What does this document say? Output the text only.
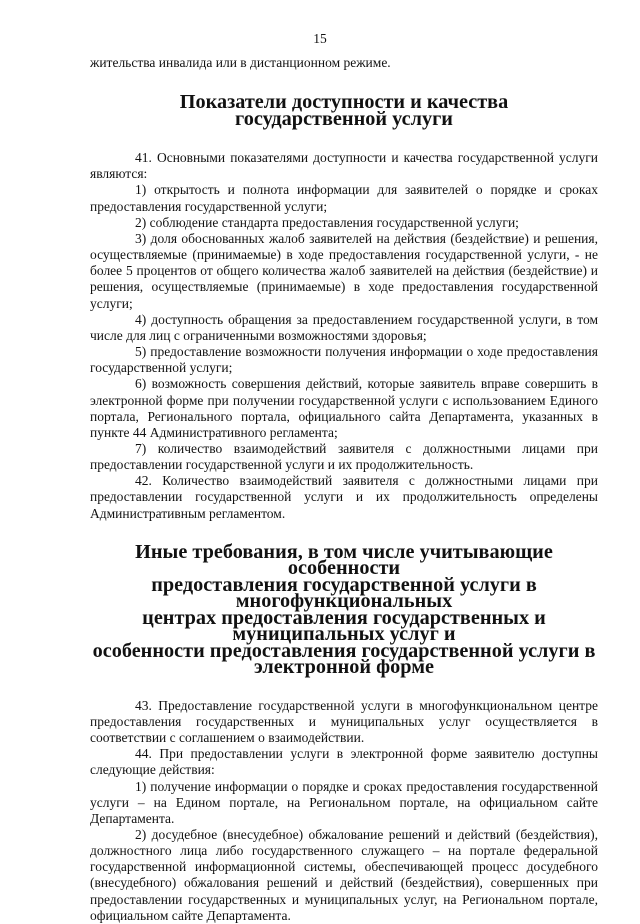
15

жительства инвалида или в дистанционном режиме.

Показатели доступности и качества
государственной услуги

41. Основными показателями доступности и качества государственной услуги являются:

1) открытость и полнота информации для заявителей о порядке и сроках предоставления государственной услуги;

2) соблюдение стандарта предоставления государственной услуги;

3) доля обоснованных жалоб заявителей на действия (бездействие) и решения, осуществляемые (принимаемые) в ходе предоставления государственной услуги, - не более 5 процентов от общего количества жалоб заявителей на действия (бездействие) и решения, осуществляемые (принимаемые) в ходе предоставления государственной услуги;

4) доступность обращения за предоставлением государственной услуги, в том числе для лиц с ограниченными возможностями здоровья;

5) предоставление возможности получения информации о ходе предоставления государственной услуги;

6) возможность совершения действий, которые заявитель вправе совершить в электронной форме при получении государственной услуги с использованием Единого портала, Регионального портала, официального сайта Департамента, указанных в пункте 44 Административного регламента;

7) количество взаимодействий заявителя с должностными лицами при предоставлении государственной услуги и их продолжительность.

42. Количество взаимодействий заявителя с должностными лицами при предоставлении государственной услуги и их продолжительность определены Административным регламентом.

Иные требования, в том числе учитывающие особенности
предоставления государственной услуги в многофункциональных
центрах предоставления государственных и муниципальных услуг и
особенности предоставления государственной услуги в электронной форме

43. Предоставление государственной услуги в многофункциональном центре предоставления государственных и муниципальных услуг осуществляется в соответствии с соглашением о взаимодействии.

44. При предоставлении услуги в электронной форме заявителю доступны следующие действия:

1) получение информации о порядке и сроках предоставления государственной услуги – на Едином портале, на Региональном портале, на официальном сайте Департамента.

2) досудебное (внесудебное) обжалование решений и действий (бездействия), должностного лица либо государственного служащего – на портале федеральной государственной информационной системы, обеспечивающей процесс досудебного (внесудебного) обжалования решений и действий (бездействия), совершенных при предоставлении государственных и муниципальных услуг, на Региональном портале, официальном сайте Департамента.
